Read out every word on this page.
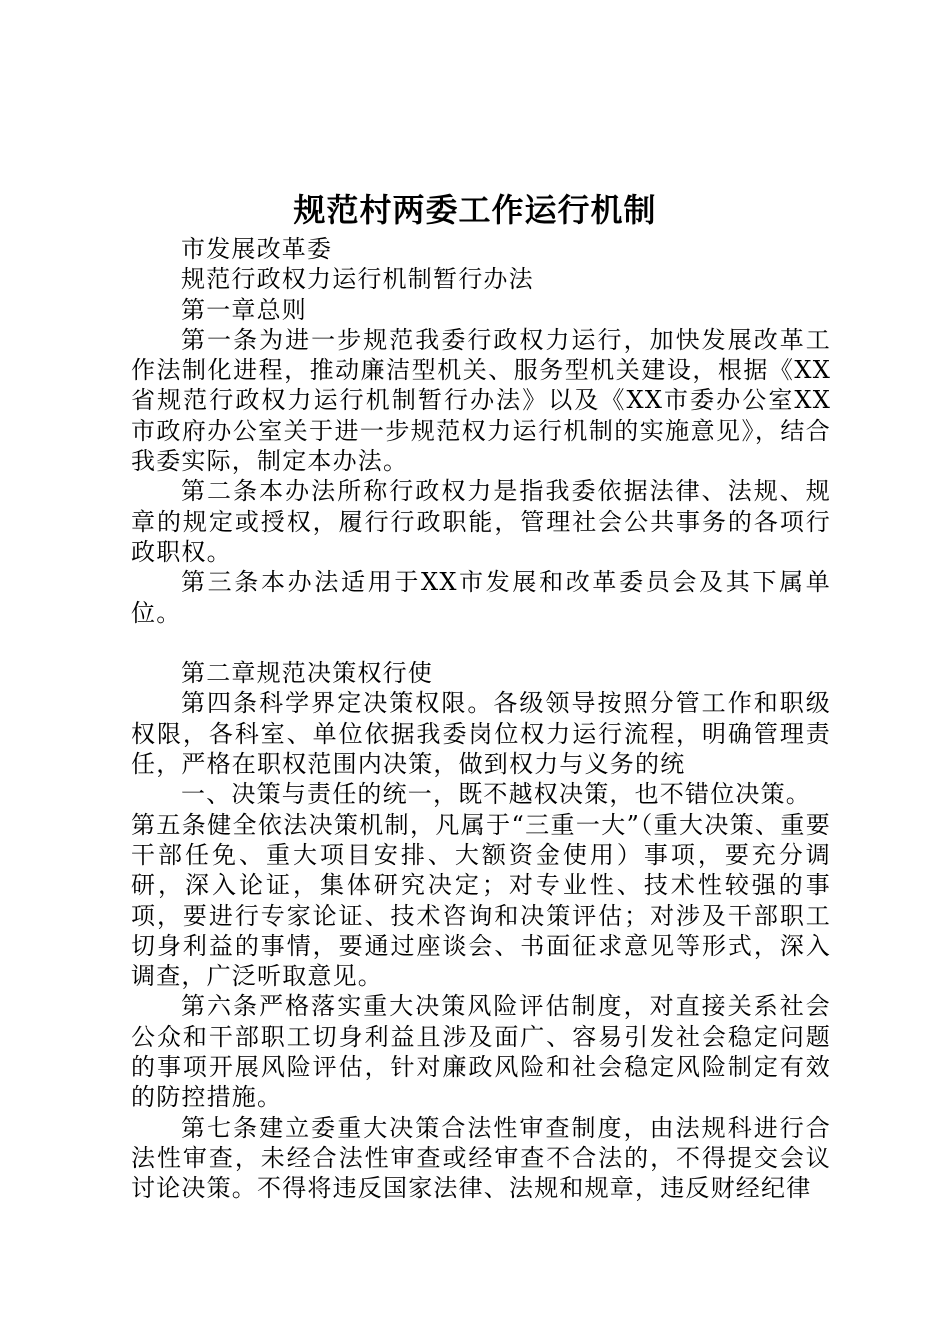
规范村两委工作运行机制

市发展改革委

规范行政权力运行机制暂行办法

第一章总则

第一条为进一步规范我委行政权力运行，加快发展改革工作法制化进程，推动廉洁型机关、服务型机关建设，根据《XX省规范行政权力运行机制暂行办法》以及《XX市委办公室XX市政府办公室关于进一步规范权力运行机制的实施意见》，结合我委实际，制定本办法。

第二条本办法所称行政权力是指我委依据法律、法规、规章的规定或授权，履行行政职能，管理社会公共事务的各项行政职权。

第三条本办法适用于XX市发展和改革委员会及其下属单位。

第二章规范决策权行使

第四条科学界定决策权限。各级领导按照分管工作和职级权限，各科室、单位依据我委岗位权力运行流程，明确管理责任，严格在职权范围内决策，做到权力与义务的统

一、决策与责任的统一，既不越权决策，也不错位决策。

第五条健全依法决策机制，凡属于“三重一大”（重大决策、重要干部任免、重大项目安排、大额资金使用）事项，要充分调研，深入论证，集体研究决定；对专业性、技术性较强的事项，要进行专家论证、技术咨询和决策评估；对涉及干部职工切身利益的事情，要通过座谈会、书面征求意见等形式，深入调查，广泛听取意见。

第六条严格落实重大决策风险评估制度，对直接关系社会公众和干部职工切身利益且涉及面广、容易引发社会稳定问题的事项开展风险评估，针对廉政风险和社会稳定风险制定有效的防控措施。

第七条建立委重大决策合法性审查制度，由法规科进行合法性审查，未经合法性审查或经审查不合法的，不得提交会议讨论决策。不得将违反国家法律、法规和规章，违反财经纪律
